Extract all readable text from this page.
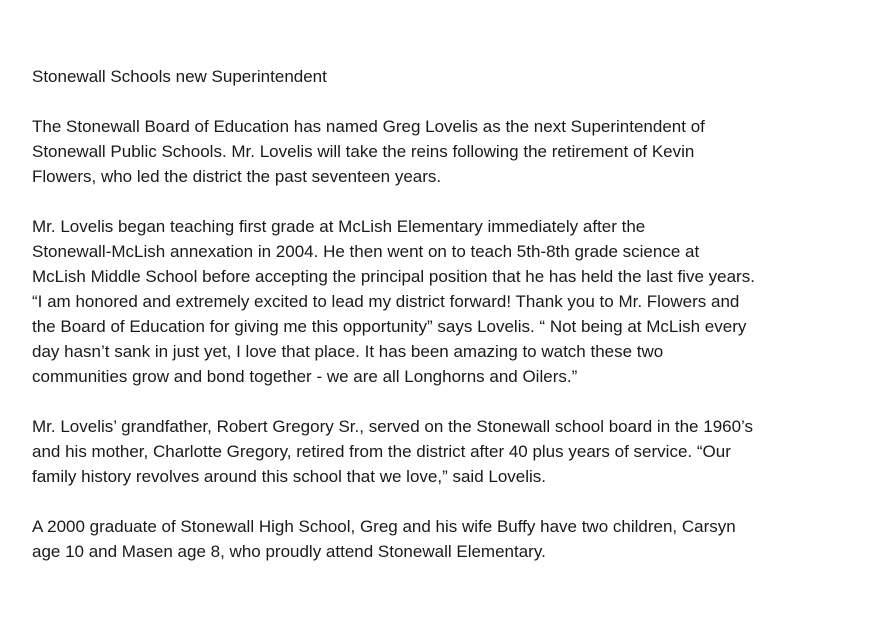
Stonewall Schools new Superintendent
The Stonewall Board of Education has named Greg Lovelis as the next Superintendent of
Stonewall Public Schools. Mr. Lovelis will take the reins following the retirement of Kevin
Flowers, who led the district the past seventeen years.
Mr. Lovelis began teaching first grade at McLish Elementary immediately after the
Stonewall-McLish annexation in 2004. He then went on to teach 5th-8th grade science at
McLish Middle School before accepting the principal position that he has held the last five years.
“I am honored and extremely excited to lead my district forward! Thank you to Mr. Flowers and
the Board of Education for giving me this opportunity” says Lovelis. “ Not being at McLish every
day hasn’t sank in just yet, I love that place. It has been amazing to watch these two
communities grow and bond together - we are all Longhorns and Oilers.”
Mr. Lovelis’ grandfather, Robert Gregory Sr., served on the Stonewall school board in the 1960’s
and his mother, Charlotte Gregory, retired from the district after 40 plus years of service. “Our
family history revolves around this school that we love,” said Lovelis.
A 2000 graduate of Stonewall High School, Greg and his wife Buffy have two children, Carsyn
age 10 and Masen age 8, who proudly attend Stonewall Elementary.
